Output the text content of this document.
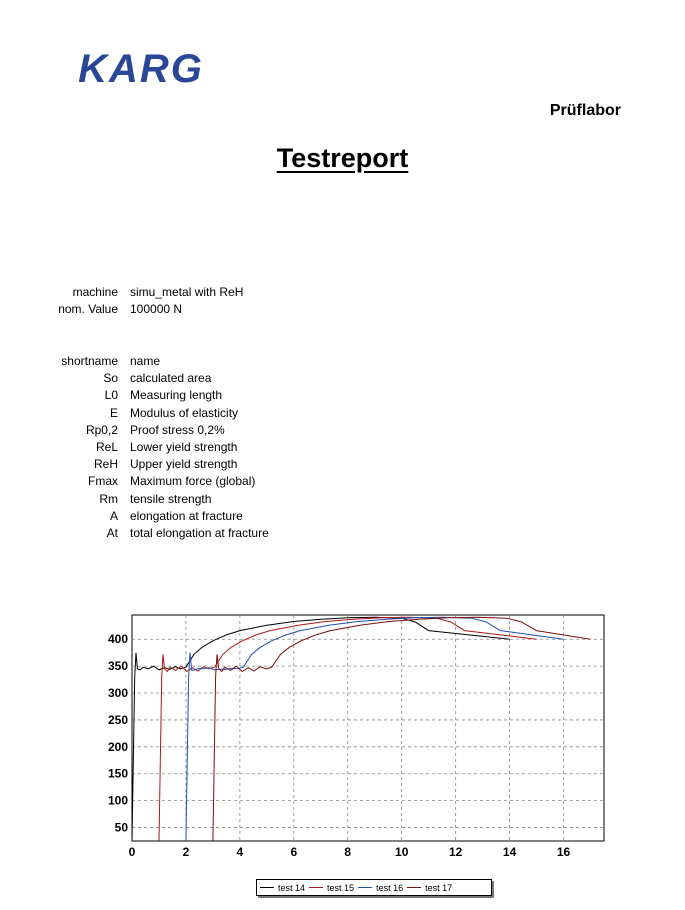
KARG
Prüflabor
Testreport
machine	simu_metal with ReH
nom. Value	100000 N
shortname	name
So	calculated area
L0	Measuring length
E	Modulus of elasticity
Rp0,2	Proof stress 0,2%
ReL	Lower yield strength
ReH	Upper yield strength
Fmax	Maximum force (global)
Rm	tensile strength
A	elongation at fracture
At	total elongation at fracture
0	2	4	6	8	10	12	14	16
50
100
150
200
250
300
350
400
test 14 test 15 test 16 test 17
